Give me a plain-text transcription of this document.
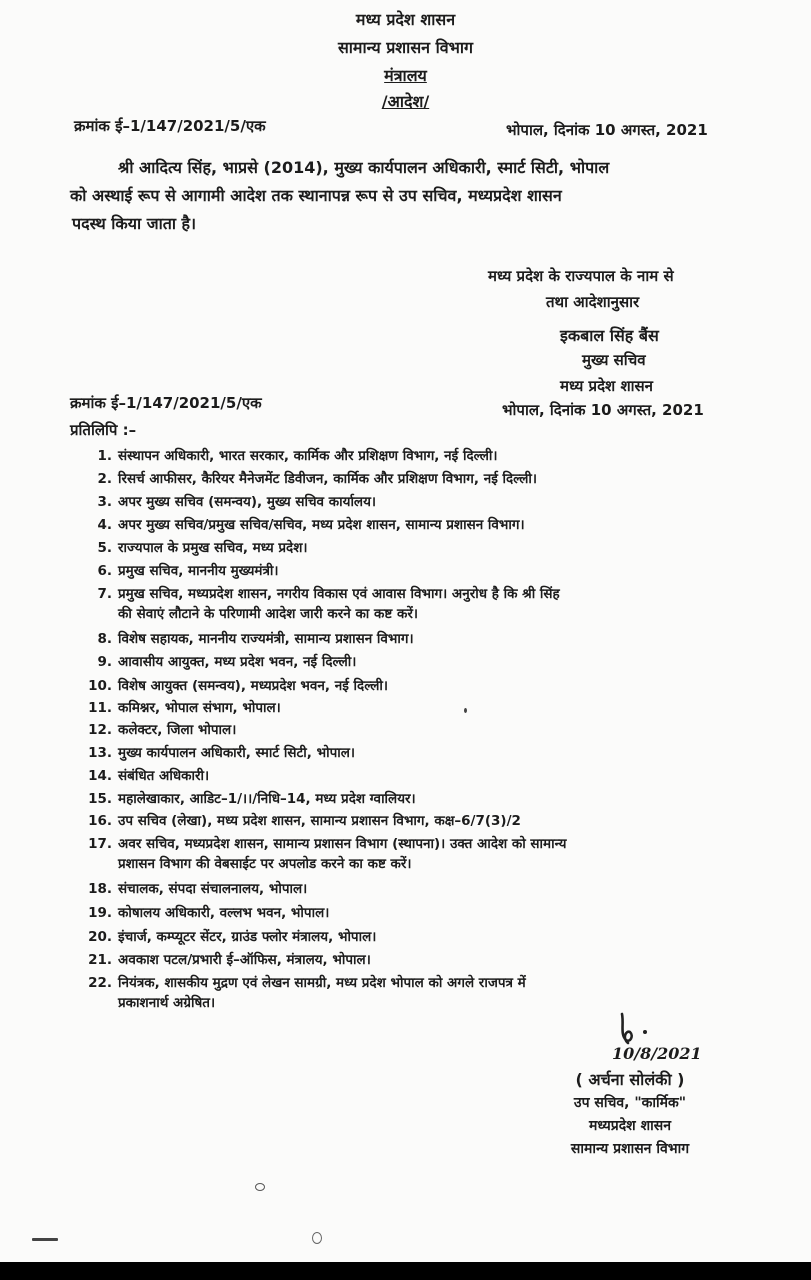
मध्य प्रदेश शासन
सामान्य प्रशासन विभाग
मंत्रालय
/आदेश/
क्रमांक ई–1/147/2021/5/एक	भोपाल, दिनांक 10 अगस्त, 2021
श्री आदित्य सिंह, भाप्रसे (2014), मुख्य कार्यपालन अधिकारी, स्मार्ट सिटी, भोपाल
को अस्थाई रूप से आगामी आदेश तक स्थानापन्न रूप से उप सचिव, मध्यप्रदेश शासन
पदस्थ किया जाता है।
मध्य प्रदेश के राज्यपाल के नाम से
तथा आदेशानुसार
इकबाल सिंह बैंस
मुख्य सचिव
मध्य प्रदेश शासन
क्रमांक ई–1/147/2021/5/एक	भोपाल, दिनांक 10 अगस्त, 2021
प्रतिलिपि :–
1. संस्थापन अधिकारी, भारत सरकार, कार्मिक और प्रशिक्षण विभाग, नई दिल्ली।
2. रिसर्च आफीसर, कैरियर मैनेजमेंट डिवीजन, कार्मिक और प्रशिक्षण विभाग, नई दिल्ली।
3. अपर मुख्य सचिव (समन्वय), मुख्य सचिव कार्यालय।
4. अपर मुख्य सचिव/प्रमुख सचिव/सचिव, मध्य प्रदेश शासन, सामान्य प्रशासन विभाग।
5. राज्यपाल के प्रमुख सचिव, मध्य प्रदेश।
6. प्रमुख सचिव, माननीय मुख्यमंत्री।
7. प्रमुख सचिव, मध्यप्रदेश शासन, नगरीय विकास एवं आवास विभाग। अनुरोध है कि श्री सिंह
की सेवाएं लौटाने के परिणामी आदेश जारी करने का कष्ट करें।
8. विशेष सहायक, माननीय राज्यमंत्री, सामान्य प्रशासन विभाग।
9. आवासीय आयुक्त, मध्य प्रदेश भवन, नई दिल्ली।
10. विशेष आयुक्त (समन्वय), मध्यप्रदेश भवन, नई दिल्ली।
11. कमिश्नर, भोपाल संभाग, भोपाल।
12. कलेक्टर, जिला भोपाल।
13. मुख्य कार्यपालन अधिकारी, स्मार्ट सिटी, भोपाल।
14. संबंधित अधिकारी।
15. महालेखाकार, आडिट–1/।।/निधि–14, मध्य प्रदेश ग्वालियर।
16. उप सचिव (लेखा), मध्य प्रदेश शासन, सामान्य प्रशासन विभाग, कक्ष–6/7(3)/2
17. अवर सचिव, मध्यप्रदेश शासन, सामान्य प्रशासन विभाग (स्थापना)। उक्त आदेश को सामान्य
प्रशासन विभाग की वेबसाईट पर अपलोड करने का कष्ट करें।
18. संचालक, संपदा संचालनालय, भोपाल।
19. कोषालय अधिकारी, वल्लभ भवन, भोपाल।
20. इंचार्ज, कम्प्यूटर सेंटर, ग्राउंड फ्लोर मंत्रालय, भोपाल।
21. अवकाश पटल/प्रभारी ई–ऑफिस, मंत्रालय, भोपाल।
22. नियंत्रक, शासकीय मुद्रण एवं लेखन सामग्री, मध्य प्रदेश भोपाल को अगले राजपत्र में
प्रकाशनार्थ अग्रेषित।
10/8/2021
( अर्चना सोलंकी )
उप सचिव, "कार्मिक"
मध्यप्रदेश शासन
सामान्य प्रशासन विभाग
